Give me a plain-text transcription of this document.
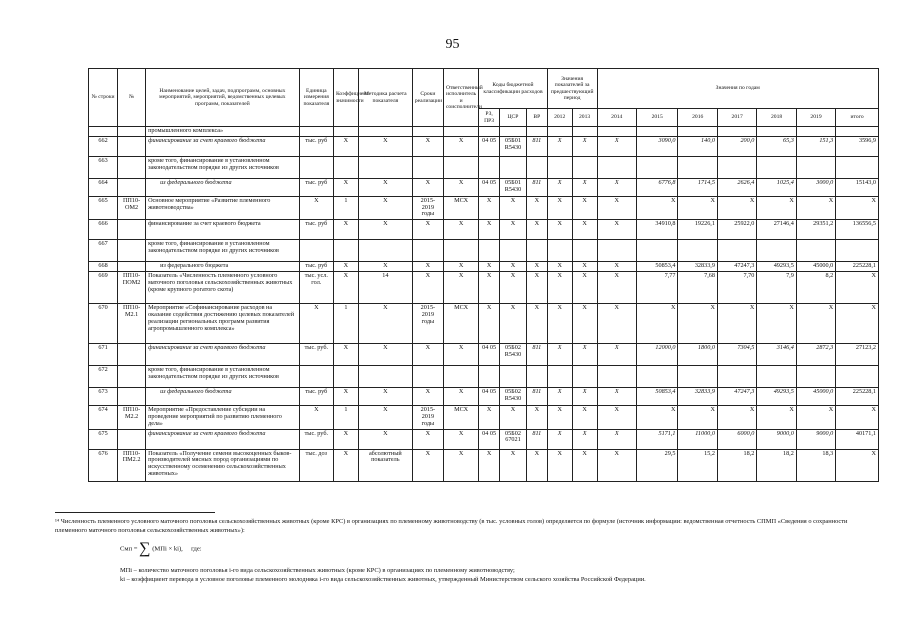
95
№ строки	№	Наименование целей, задач, подпрограмм, основных мероприятий, мероприятий, ведомственных целевых программ, показателей	Единица измерения показателя	Коэффициент значимости	Методика расчета показателя	Сроки реализации	Ответственный исполнитель и соисполнители	Коды бюджетной классификации расходов			Значения показателей за предшествующий период		Значения по годам						
								РЗ, ПРЗ	ЦСР	ВР	2012	2013	2014	2015	2016	2017	2018	2019	итого
		промышленного комплекса»																	
662		финансирование за счет краевого бюджета	тыс. руб	Х	Х	Х	Х	04 05	05Б01 R5430	811	Х	Х	Х	3090,0	140,0	200,0	65,3	151,3	3596,9
663		кроме того, финансирование в установленном законодательством порядке из других источников																	
664		из федерального бюджета	тыс. руб	Х	Х	Х	Х	04 05	05Б01 R5430	811	Х	Х	Х	6776,8	1714,5	2626,4	1025,4	3000,0	15143,0
665	ПП10-ОМ2	Основное мероприятие «Развитие племенного животноводства»	Х	1	Х	2015-2019 годы	МСХ	Х	Х	Х	Х	Х	Х	Х	Х	Х	Х	Х	Х
666		финансирование за счет краевого бюджета	тыс. руб	Х	Х	Х	Х	Х	Х	Х	Х	Х	Х	34910,8	19226,1	25922,0	27146,4	29351,2	136556,5
667		кроме того, финансирование в установленном законодательством порядке из других источников																	
668		из федерального бюджета	тыс. руб	Х	Х	Х	Х	Х	Х	Х	Х	Х	Х	50853,4	32833,9	47247,3	49293,5	45000,0	225228,1
669	ПП10-ПОМ2	Показатель «Численность племенного условного маточного поголовья сельскохозяйственных животных (кроме крупного рогатого скота)	тыс. усл. гол.	Х	14	Х	Х	Х	Х	Х	Х	Х	Х	7,77	7,68	7,70	7,9	8,2	Х
670	ПП10-М2.1	Мероприятие «Софинансирование расходов на оказание содействия достижению целевых показателей реализации региональных программ развития агропромышленного комплекса»	Х	1	Х	2015-2019 годы	МСХ	Х	Х	Х	Х	Х	Х	Х	Х	Х	Х	Х	Х
671		финансирование за счет краевого бюджета	тыс. руб.	Х	Х	Х	Х	04 05	05Б02 R5430	811	Х	Х	Х	12000,0	1800,0	7304,5	3146,4	2872,3	27123,2
672		кроме того, финансирование в установленном законодательством порядке из других источников																	
673		из федерального бюджета	тыс. руб	Х	Х	Х	Х	04 05	05Б02 R5430	811	Х	Х	Х	50853,4	32833,9	47247,3	49293,5	45000,0	225228,1
674	ПП10-М2.2	Мероприятие «Предоставление субсидии на проведение мероприятий по развитию племенного дела»	Х	1	Х	2015-2019 годы	МСХ	Х	Х	Х	Х	Х	Х	Х	Х	Х	Х	Х	Х
675		финансирование за счет краевого бюджета	тыс. руб.	Х	Х	Х	Х	04 05	05Б02 67021	811	Х	Х	Х	5171,1	11000,0	6000,0	9000,0	9000,0	40171,1
676	ПП10-ПМ2.2	Показатель «Получение семени высокоценных быков-производителей мясных пород организациями по искусственному осеменению сельскохозяйственных животных»	тыс. доз	Х	абсолютный показатель	Х	Х	Х	Х	Х	Х	Х	Х	29,5	15,2	18,2	18,2	18,3	Х
¹⁴ Численность племенного условного маточного поголовья сельскохозяйственных животных (кроме КРС) в организациях по племенному животноводству (в тыс. условных голов) определяется по формуле (источник информации: ведомственная отчетность СПМП «Сведения о сохранности племенного маточного поголовья сельскохозяйственных животных»):
Смп = ∑ (МПi × ki), где:
МПi – количество маточного поголовья i-го вида сельскохозяйственных животных (кроме КРС) в организациях по племенному животноводству;
ki – коэффициент перевода в условное поголовье племенного молодняка i-го вида сельскохозяйственных животных, утвержденный Министерством сельского хозяйства Российской Федерации.
